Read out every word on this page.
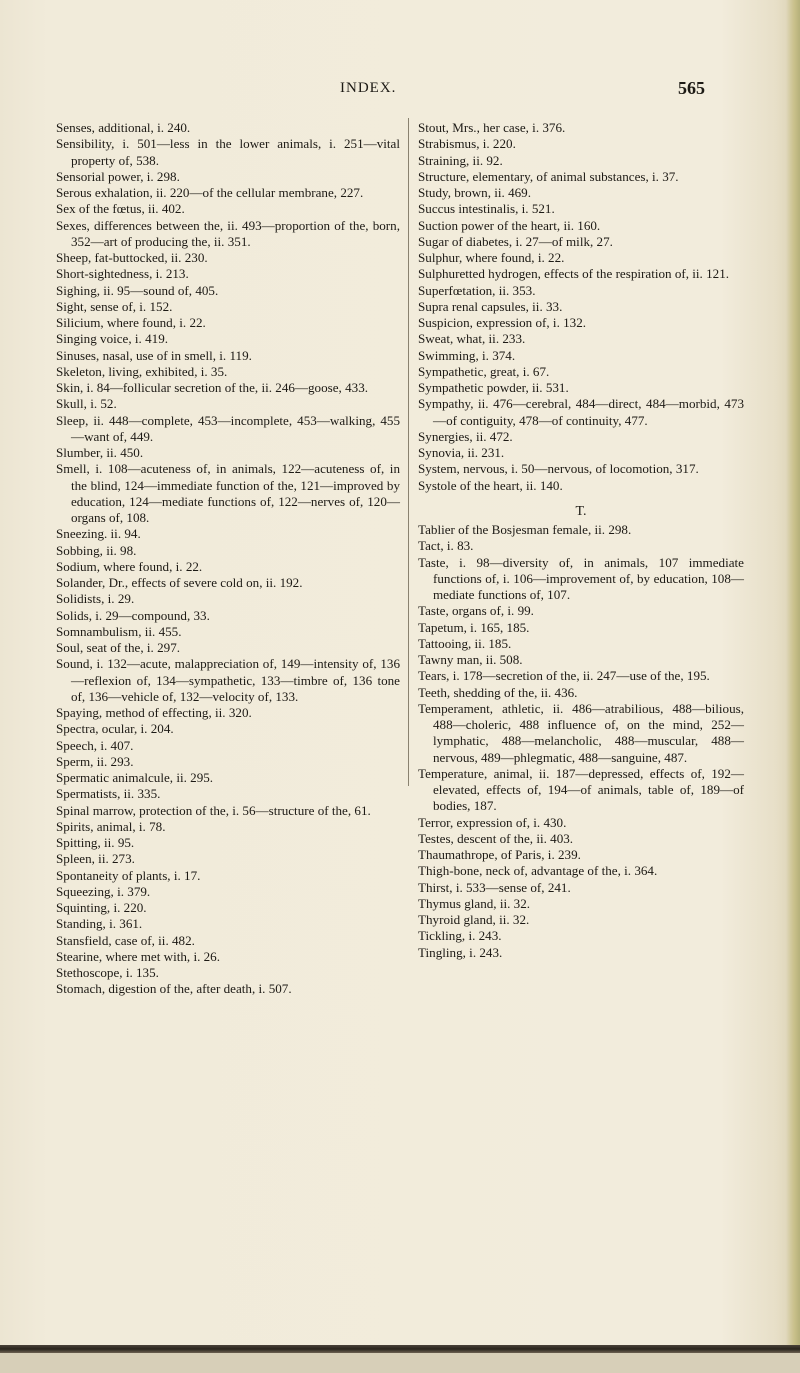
INDEX.	565

Senses, additional, i. 240.

Sensibility, i. 501—less in the lower animals, i. 251—vital property of, 538.

Sensorial power, i. 298.

Serous exhalation, ii. 220—of the cellular membrane, 227.

Sex of the fœtus, ii. 402.

Sexes, differences between the, ii. 493—proportion of the, born, 352—art of producing the, ii. 351.

Sheep, fat-buttocked, ii. 230.

Short-sightedness, i. 213.

Sighing, ii. 95—sound of, 405.

Sight, sense of, i. 152.

Silicium, where found, i. 22.

Singing voice, i. 419.

Sinuses, nasal, use of in smell, i. 119.

Skeleton, living, exhibited, i. 35.

Skin, i. 84—follicular secretion of the, ii. 246—goose, 433.

Skull, i. 52.

Sleep, ii. 448—complete, 453—incomplete, 453—walking, 455—want of, 449.

Slumber, ii. 450.

Smell, i. 108—acuteness of, in animals, 122—acuteness of, in the blind, 124—immediate function of the, 121—improved by education, 124—mediate functions of, 122—nerves of, 120—organs of, 108.

Sneezing. ii. 94.

Sobbing, ii. 98.

Sodium, where found, i. 22.

Solander, Dr., effects of severe cold on, ii. 192.

Solidists, i. 29.

Solids, i. 29—compound, 33.

Somnambulism, ii. 455.

Soul, seat of the, i. 297.

Sound, i. 132—acute, malappreciation of, 149—intensity of, 136—reflexion of, 134—sympathetic, 133—timbre of, 136 tone of, 136—vehicle of, 132—velocity of, 133.

Spaying, method of effecting, ii. 320.

Spectra, ocular, i. 204.

Speech, i. 407.

Sperm, ii. 293.

Spermatic animalcule, ii. 295.

Spermatists, ii. 335.

Spinal marrow, protection of the, i. 56—structure of the, 61.

Spirits, animal, i. 78.

Spitting, ii. 95.

Spleen, ii. 273.

Spontaneity of plants, i. 17.

Squeezing, i. 379.

Squinting, i. 220.

Standing, i. 361.

Stansfield, case of, ii. 482.

Stearine, where met with, i. 26.

Stethoscope, i. 135.

Stomach, digestion of the, after death, i. 507.

Stout, Mrs., her case, i. 376.

Strabismus, i. 220.

Straining, ii. 92.

Structure, elementary, of animal substances, i. 37.

Study, brown, ii. 469.

Succus intestinalis, i. 521.

Suction power of the heart, ii. 160.

Sugar of diabetes, i. 27—of milk, 27.

Sulphur, where found, i. 22.

Sulphuretted hydrogen, effects of the respiration of, ii. 121.

Superfœtation, ii. 353.

Supra renal capsules, ii. 33.

Suspicion, expression of, i. 132.

Sweat, what, ii. 233.

Swimming, i. 374.

Sympathetic, great, i. 67.

Sympathetic powder, ii. 531.

Sympathy, ii. 476—cerebral, 484—direct, 484—morbid, 473—of contiguity, 478—of continuity, 477.

Synergies, ii. 472.

Synovia, ii. 231.

System, nervous, i. 50—nervous, of locomotion, 317.

Systole of the heart, ii. 140.

T.

Tablier of the Bosjesman female, ii. 298.

Tact, i. 83.

Taste, i. 98—diversity of, in animals, 107 immediate functions of, i. 106—improvement of, by education, 108—mediate functions of, 107.

Taste, organs of, i. 99.

Tapetum, i. 165, 185.

Tattooing, ii. 185.

Tawny man, ii. 508.

Tears, i. 178—secretion of the, ii. 247—use of the, 195.

Teeth, shedding of the, ii. 436.

Temperament, athletic, ii. 486—atrabilious, 488—bilious, 488—choleric, 488 influence of, on the mind, 252—lymphatic, 488—melancholic, 488—muscular, 488—nervous, 489—phlegmatic, 488—sanguine, 487.

Temperature, animal, ii. 187—depressed, effects of, 192—elevated, effects of, 194—of animals, table of, 189—of bodies, 187.

Terror, expression of, i. 430.

Testes, descent of the, ii. 403.

Thaumathrope, of Paris, i. 239.

Thigh-bone, neck of, advantage of the, i. 364.

Thirst, i. 533—sense of, 241.

Thymus gland, ii. 32.

Thyroid gland, ii. 32.

Tickling, i. 243.

Tingling, i. 243.
